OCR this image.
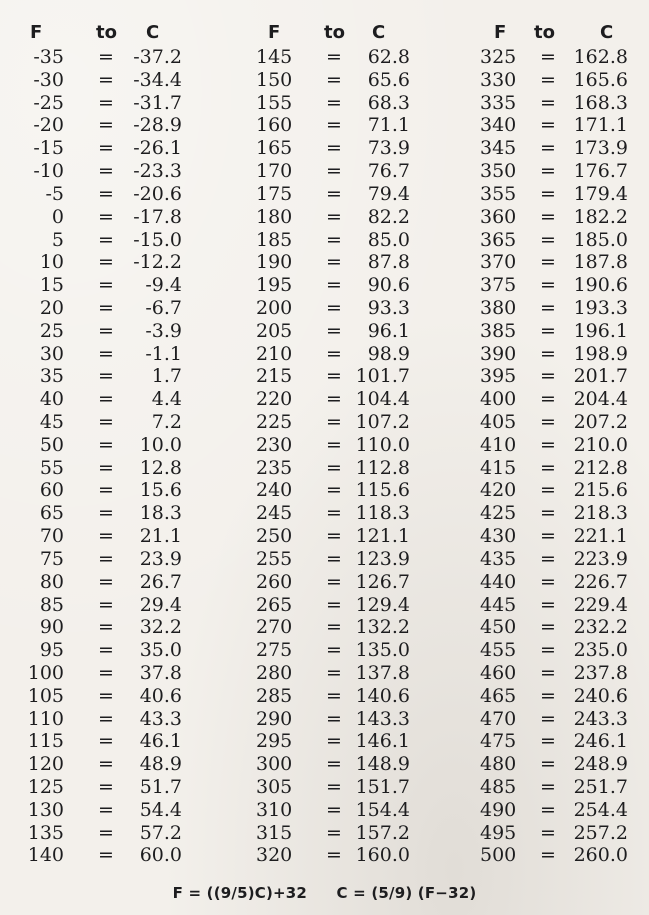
F	to C
-35 = -37.2
-30 = -34.4
-25 = -31.7
-20 = -28.9
-15 = -26.1
-10 = -23.3
-5 = -20.6
0 = -17.8
5 = -15.0
10 = -12.2
15 = -9.4
20 = -6.7
25 = -3.9
30 = -1.1
35 = 1.7
40 = 4.4
45 = 7.2
50 = 10.0
55 = 12.8
60 = 15.6
65 = 18.3
70 = 21.1
75 = 23.9
80 = 26.7
85 = 29.4
90 = 32.2
95 = 35.0
100 = 37.8
105 = 40.6
110 = 43.3
115 = 46.1
120 = 48.9
125 = 51.7
130 = 54.4
135 = 57.2
140 = 60.0
F to C
145 = 62.8
150 = 65.6
155 = 68.3
160 = 71.1
165 = 73.9
170 = 76.7
175 = 79.4
180 = 82.2
185 = 85.0
190 = 87.8
195 = 90.6
200 = 93.3
205 = 96.1
210 = 98.9
215 = 101.7
220 = 104.4
225 = 107.2
230 = 110.0
235 = 112.8
240 = 115.6
245 = 118.3
250 = 121.1
255 = 123.9
260 = 126.7
265 = 129.4
270 = 132.2
275 = 135.0
280 = 137.8
285 = 140.6
290 = 143.3
295 = 146.1
300 = 148.9
305 = 151.7
310 = 154.4
315 = 157.2
320 = 160.0
F to	C
325 = 162.8
330 = 165.6
335 = 168.3
340 = 171.1
345 = 173.9
350 = 176.7
355 = 179.4
360 = 182.2
365 = 185.0
370 = 187.8
375 = 190.6
380 = 193.3
385 = 196.1
390 = 198.9
395 = 201.7
400 = 204.4
405 = 207.2
410 = 210.0
415 = 212.8
420 = 215.6
425 = 218.3
430 = 221.1
435 = 223.9
440 = 226.7
445 = 229.4
450 = 232.2
455 = 235.0
460 = 237.8
465 = 240.6
470 = 243.3
475 = 246.1
480 = 248.9
485 = 251.7
490 = 254.4
495 = 257.2
500 = 260.0
F = ((9/5)C)+32 C = (5/9) (F−32)
